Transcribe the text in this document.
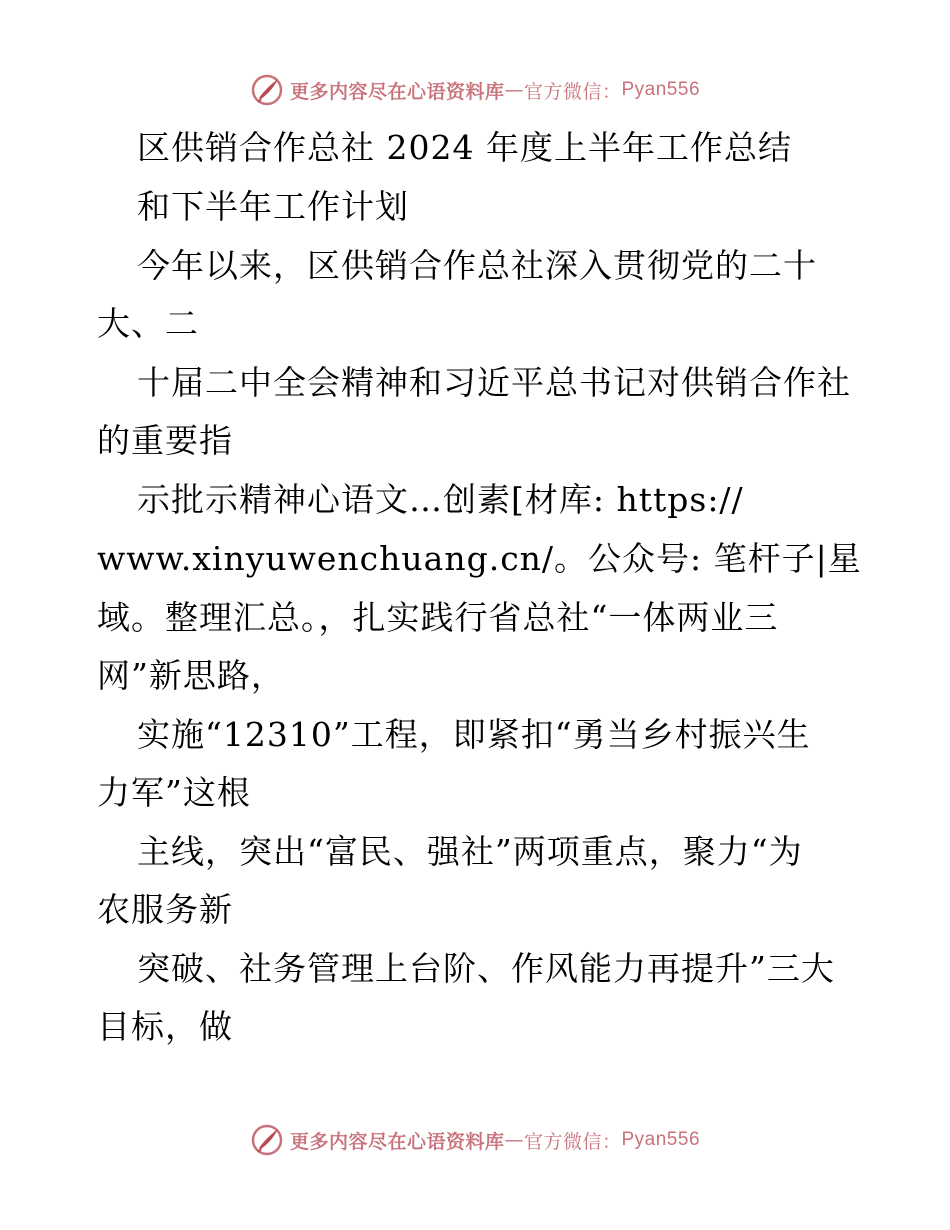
更多内容尽在心语资料库 — 官方微信： Pyan556
区供销合作总社 2024 年度上半年工作总结
和下半年工作计划
今年以来，区供销合作总社深入贯彻党的二十
大、二
十届二中全会精神和习近平总书记对供销合作社
的重要指
示批示精神心语文…创素[材库: https://
www.xinyuwenchuang.cn/。公众号: 笔杆子|星
域。整理汇总。，扎实践行省总社“一体两业三
网”新思路，
实施“12310”工程，即紧扣“勇当乡村振兴生
力军”这根
主线，突出“富民、强社”两项重点，聚力“为
农服务新
突破、社务管理上台阶、作风能力再提升”三大
目标，做
更多内容尽在心语资料库 — 官方微信： Pyan556
